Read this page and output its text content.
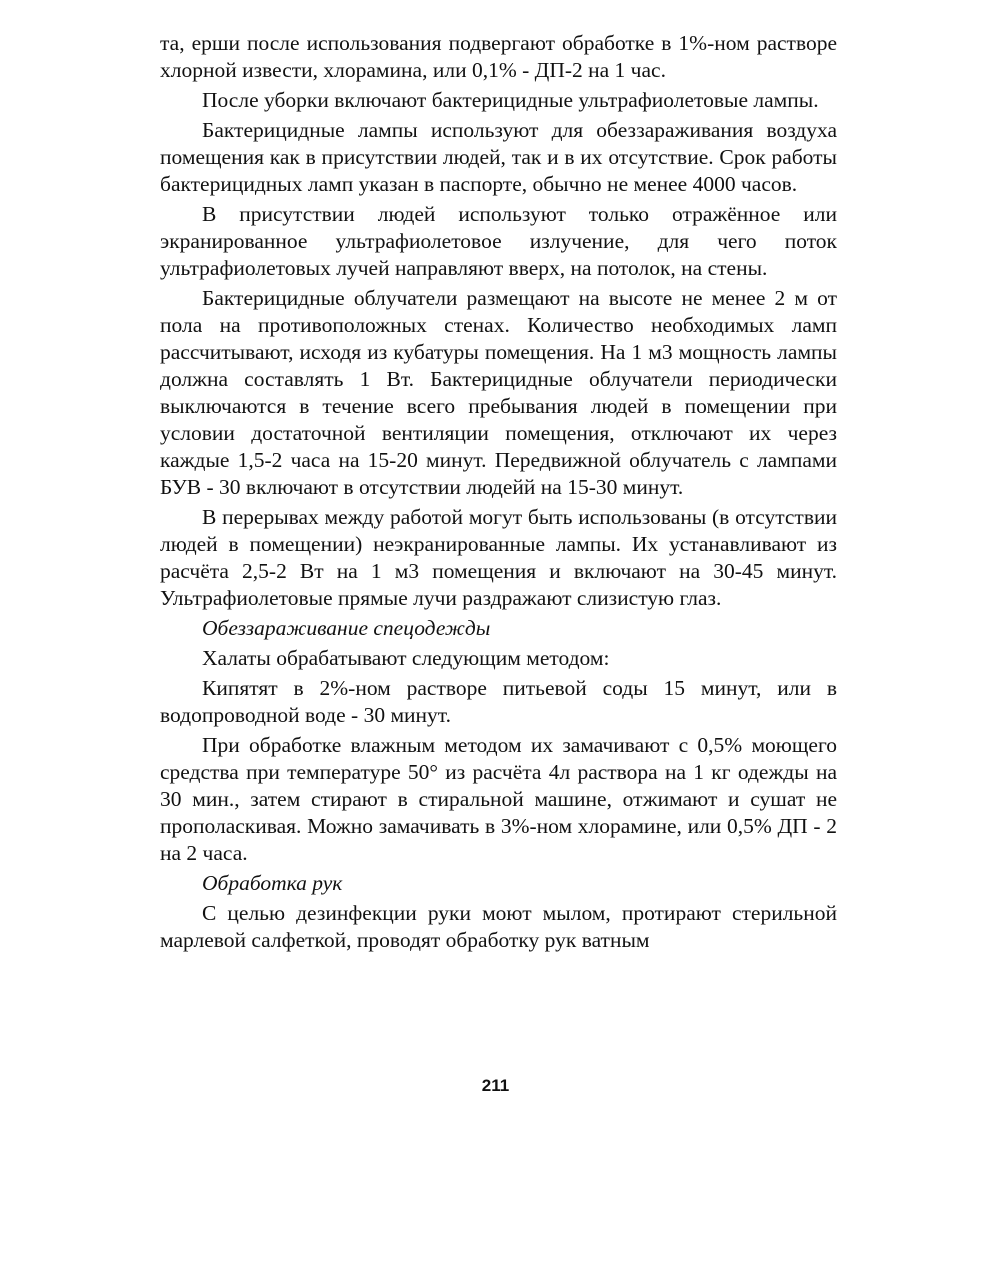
та, ерши после использования подвергают обработке в 1%-ном растворе хлорной извести, хлорамина, или 0,1% - ДП-2 на 1 час.

После уборки включают бактерицидные ультрафиолетовые лампы.

Бактерицидные лампы используют для обеззараживания воздуха помещения как в присутствии людей, так и в их отсутствие. Срок работы бактерицидных ламп указан в паспорте, обычно не менее 4000 часов.

В присутствии людей используют только отражённое или экранированное ультрафиолетовое излучение, для чего поток ультрафиолетовых лучей направляют вверх, на потолок, на стены.

Бактерицидные облучатели размещают на высоте не менее 2 м от пола на противоположных стенах. Количество необходимых ламп рассчитывают, исходя из кубатуры помещения. На 1 м3 мощность лампы должна составлять 1 Вт. Бактерицидные облучатели периодически выключаются в течение всего пребывания людей в помещении при условии достаточной вентиляции помещения, отключают их через каждые 1,5-2 часа на 15-20 минут. Передвижной облучатель с лампами БУВ - 30 включают в отсутствии людейй на 15-30 минут.

В перерывах между работой могут быть использованы (в отсутствии людей в помещении) неэкранированные лампы. Их устанавливают из расчёта 2,5-2 Вт на 1 м3 помещения и включают на 30-45 минут. Ультрафиолетовые прямые лучи раздражают слизистую глаз.

Обеззараживание спецодежды

Халаты обрабатывают следующим методом:

Кипятят в 2%-ном растворе питьевой соды 15 минут, или в водопроводной воде - 30 минут.

При обработке влажным методом их замачивают с 0,5% моющего средства при температуре 50° из расчёта 4л раствора на 1 кг одежды на 30 мин., затем стирают в стиральной машине, отжимают и сушат не прополаскивая. Можно замачивать в 3%-ном хлорамине, или 0,5% ДП - 2 на 2 часа.

Обработка рук

С целью дезинфекции руки моют мылом, протирают стерильной марлевой салфеткой, проводят обработку рук ватным

211
